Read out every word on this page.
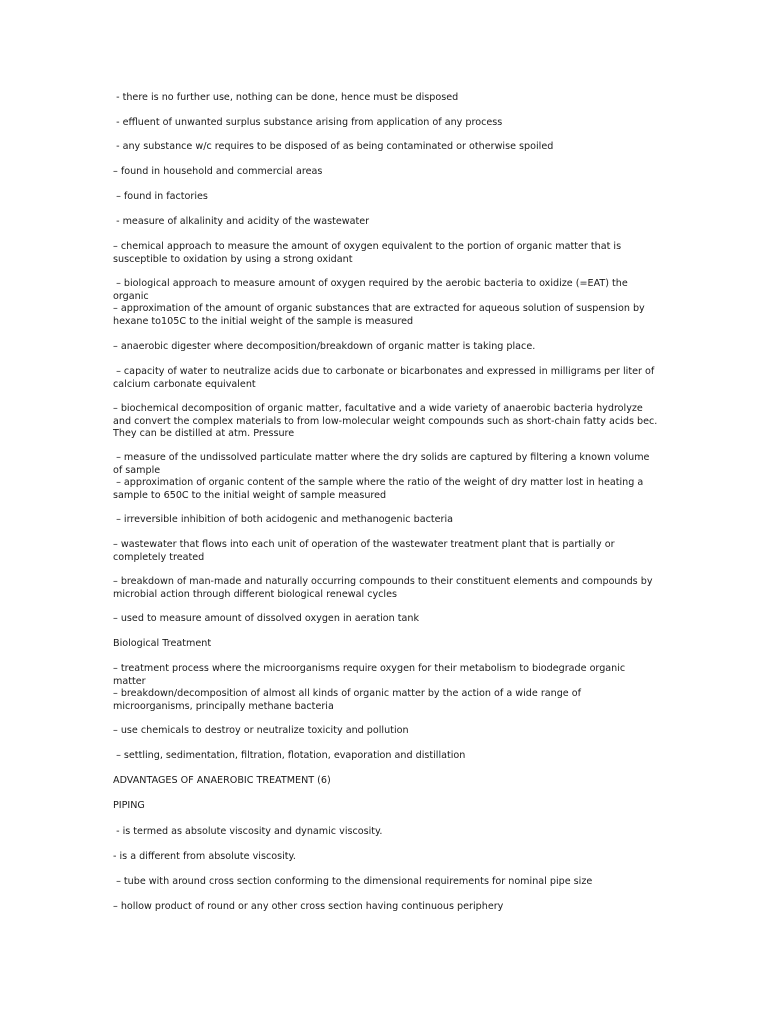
- there is no further use, nothing can be done, hence must be disposed
- effluent of unwanted surplus substance arising from application of any process
- any substance w/c requires to be disposed of as being contaminated or otherwise spoiled
– found in household and commercial areas
– found in factories
- measure of alkalinity and acidity of the wastewater
– chemical approach to measure the amount of oxygen equivalent to the portion of organic matter that is susceptible to oxidation by using a strong oxidant
– biological approach to measure amount of oxygen required by the aerobic bacteria to oxidize (=EAT) the organic
– approximation of the amount of organic substances that are extracted for aqueous solution of suspension by hexane to105C to the initial weight of the sample is measured
– anaerobic digester where decomposition/breakdown of organic matter is taking place.
– capacity of water to neutralize acids due to carbonate or bicarbonates and expressed in milligrams per liter of calcium carbonate equivalent
– biochemical decomposition of organic matter, facultative and a wide variety of anaerobic bacteria hydrolyze and convert the complex materials to from low-molecular weight compounds such as short-chain fatty acids bec. They can be distilled at atm. Pressure
– measure of the undissolved particulate matter where the dry solids are captured by filtering a known volume of sample
– approximation of organic content of the sample where the ratio of the weight of dry matter lost in heating a sample to 650C to the initial weight of sample measured
– irreversible inhibition of both acidogenic and methanogenic bacteria
– wastewater that flows into each unit of operation of the wastewater treatment plant that is partially or completely treated
– breakdown of man-made and naturally occurring compounds to their constituent elements and compounds by microbial action through different biological renewal cycles
– used to measure amount of dissolved oxygen in aeration tank
Biological Treatment
– treatment process where the microorganisms require oxygen for their metabolism to biodegrade organic matter
– breakdown/decomposition of almost all kinds of organic matter by the action of a wide range of microorganisms, principally methane bacteria
– use chemicals to destroy or neutralize toxicity and pollution
– settling, sedimentation, filtration, flotation, evaporation and distillation
ADVANTAGES OF ANAEROBIC TREATMENT (6)
PIPING
- is termed as absolute viscosity and dynamic viscosity.
- is a different from absolute viscosity.
– tube with around cross section conforming to the dimensional requirements for nominal pipe size
– hollow product of round or any other cross section having continuous periphery
